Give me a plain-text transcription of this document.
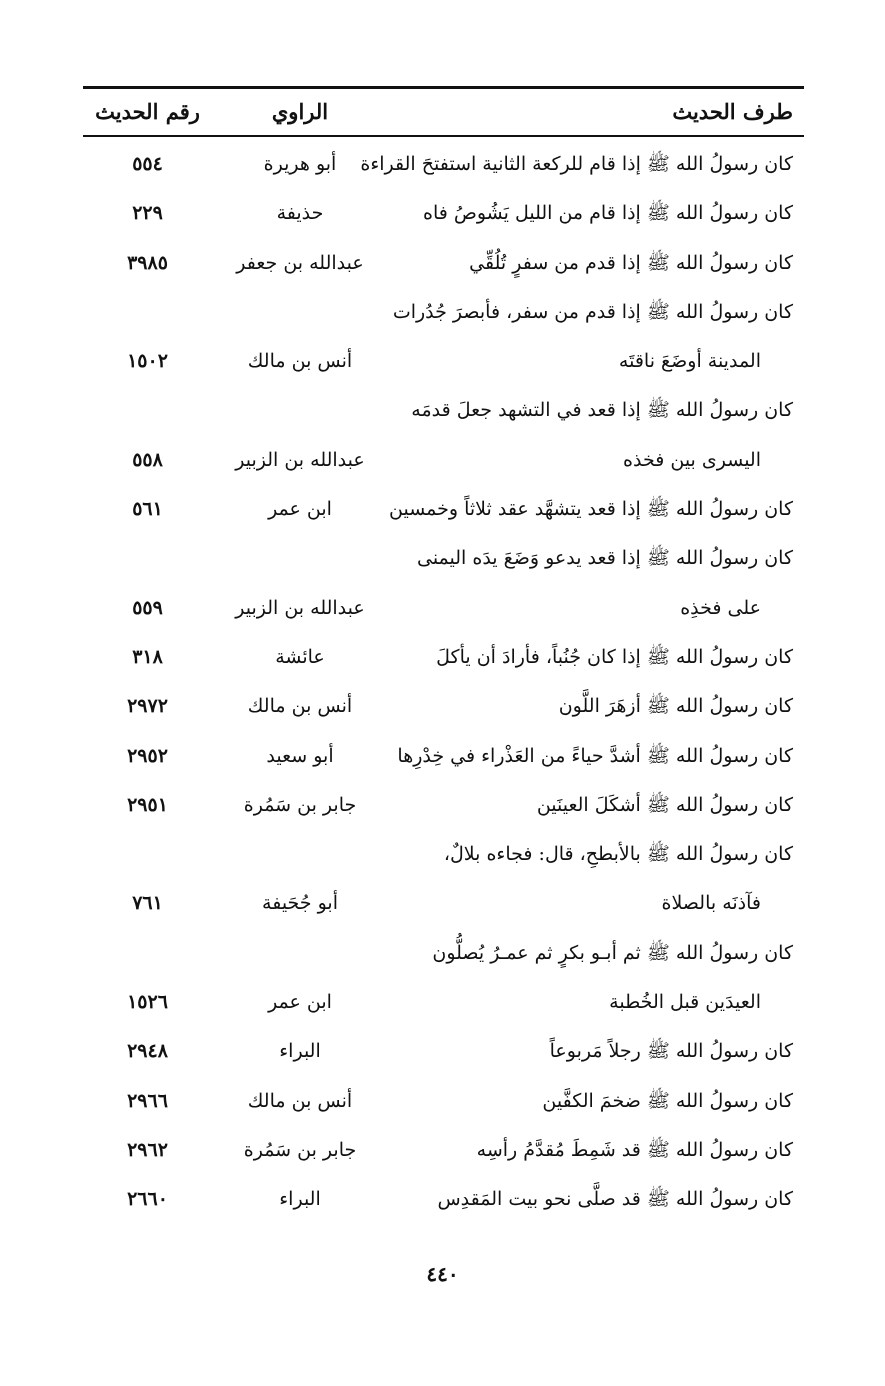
طرف الحديث
الراوي
رقم الحديث
كان رسولُ الله ﷺ إذا قام للركعة الثانية استفتحَ القراءة
أبو هريرة
٥٥٤
كان رسولُ الله ﷺ إذا قام من الليل يَشُوصُ فاه
حذيفة
٢٢٩
كان رسولُ الله ﷺ إذا قدم من سفرٍ تُلُقِّي
عبدالله بن جعفر
٣٩٨٥
كان رسولُ الله ﷺ إذا قدم من سفر، فأبصرَ جُدُرات
المدينة أوضَعَ ناقتَه
أنس بن مالك
١٥٠٢
كان رسولُ الله ﷺ إذا قعد في التشهد جعلَ قدمَه
اليسرى بين فخذه
عبدالله بن الزبير
٥٥٨
كان رسولُ الله ﷺ إذا قعد يتشهَّد عقد ثلاثاً وخمسين
ابن عمر
٥٦١
كان رسولُ الله ﷺ إذا قعد يدعو وَضَعَ يدَه اليمنى
على فخذِه
عبدالله بن الزبير
٥٥٩
كان رسولُ الله ﷺ إذا كان جُنُباً، فأرادَ أن يأكلَ
عائشة
٣١٨
كان رسولُ الله ﷺ أزهَرَ اللَّون
أنس بن مالك
٢٩٧٢
كان رسولُ الله ﷺ أشدَّ حياءً من العَذْراء في خِدْرِها
أبو سعيد
٢٩٥٢
كان رسولُ الله ﷺ أشكَلَ العينَين
جابر بن سَمُرة
٢٩٥١
كان رسولُ الله ﷺ بالأبطحِ، قال: فجاءه بلالٌ،
فآذنَه بالصلاة
أبو جُحَيفة
٧٦١
كان رسولُ الله ﷺ ثم أبـو بكرٍ ثم عمـرُ يُصلُّون
العيدَين قبل الخُطبة
ابن عمر
١٥٢٦
كان رسولُ الله ﷺ رجلاً مَربوعاً
البراء
٢٩٤٨
كان رسولُ الله ﷺ ضخمَ الكفَّين
أنس بن مالك
٢٩٦٦
كان رسولُ الله ﷺ قد شَمِطَ مُقدَّمُ رأسِه
جابر بن سَمُرة
٢٩٦٢
كان رسولُ الله ﷺ قد صلَّى نحو بيت المَقدِس
البراء
٢٦٦٠
٤٤٠
